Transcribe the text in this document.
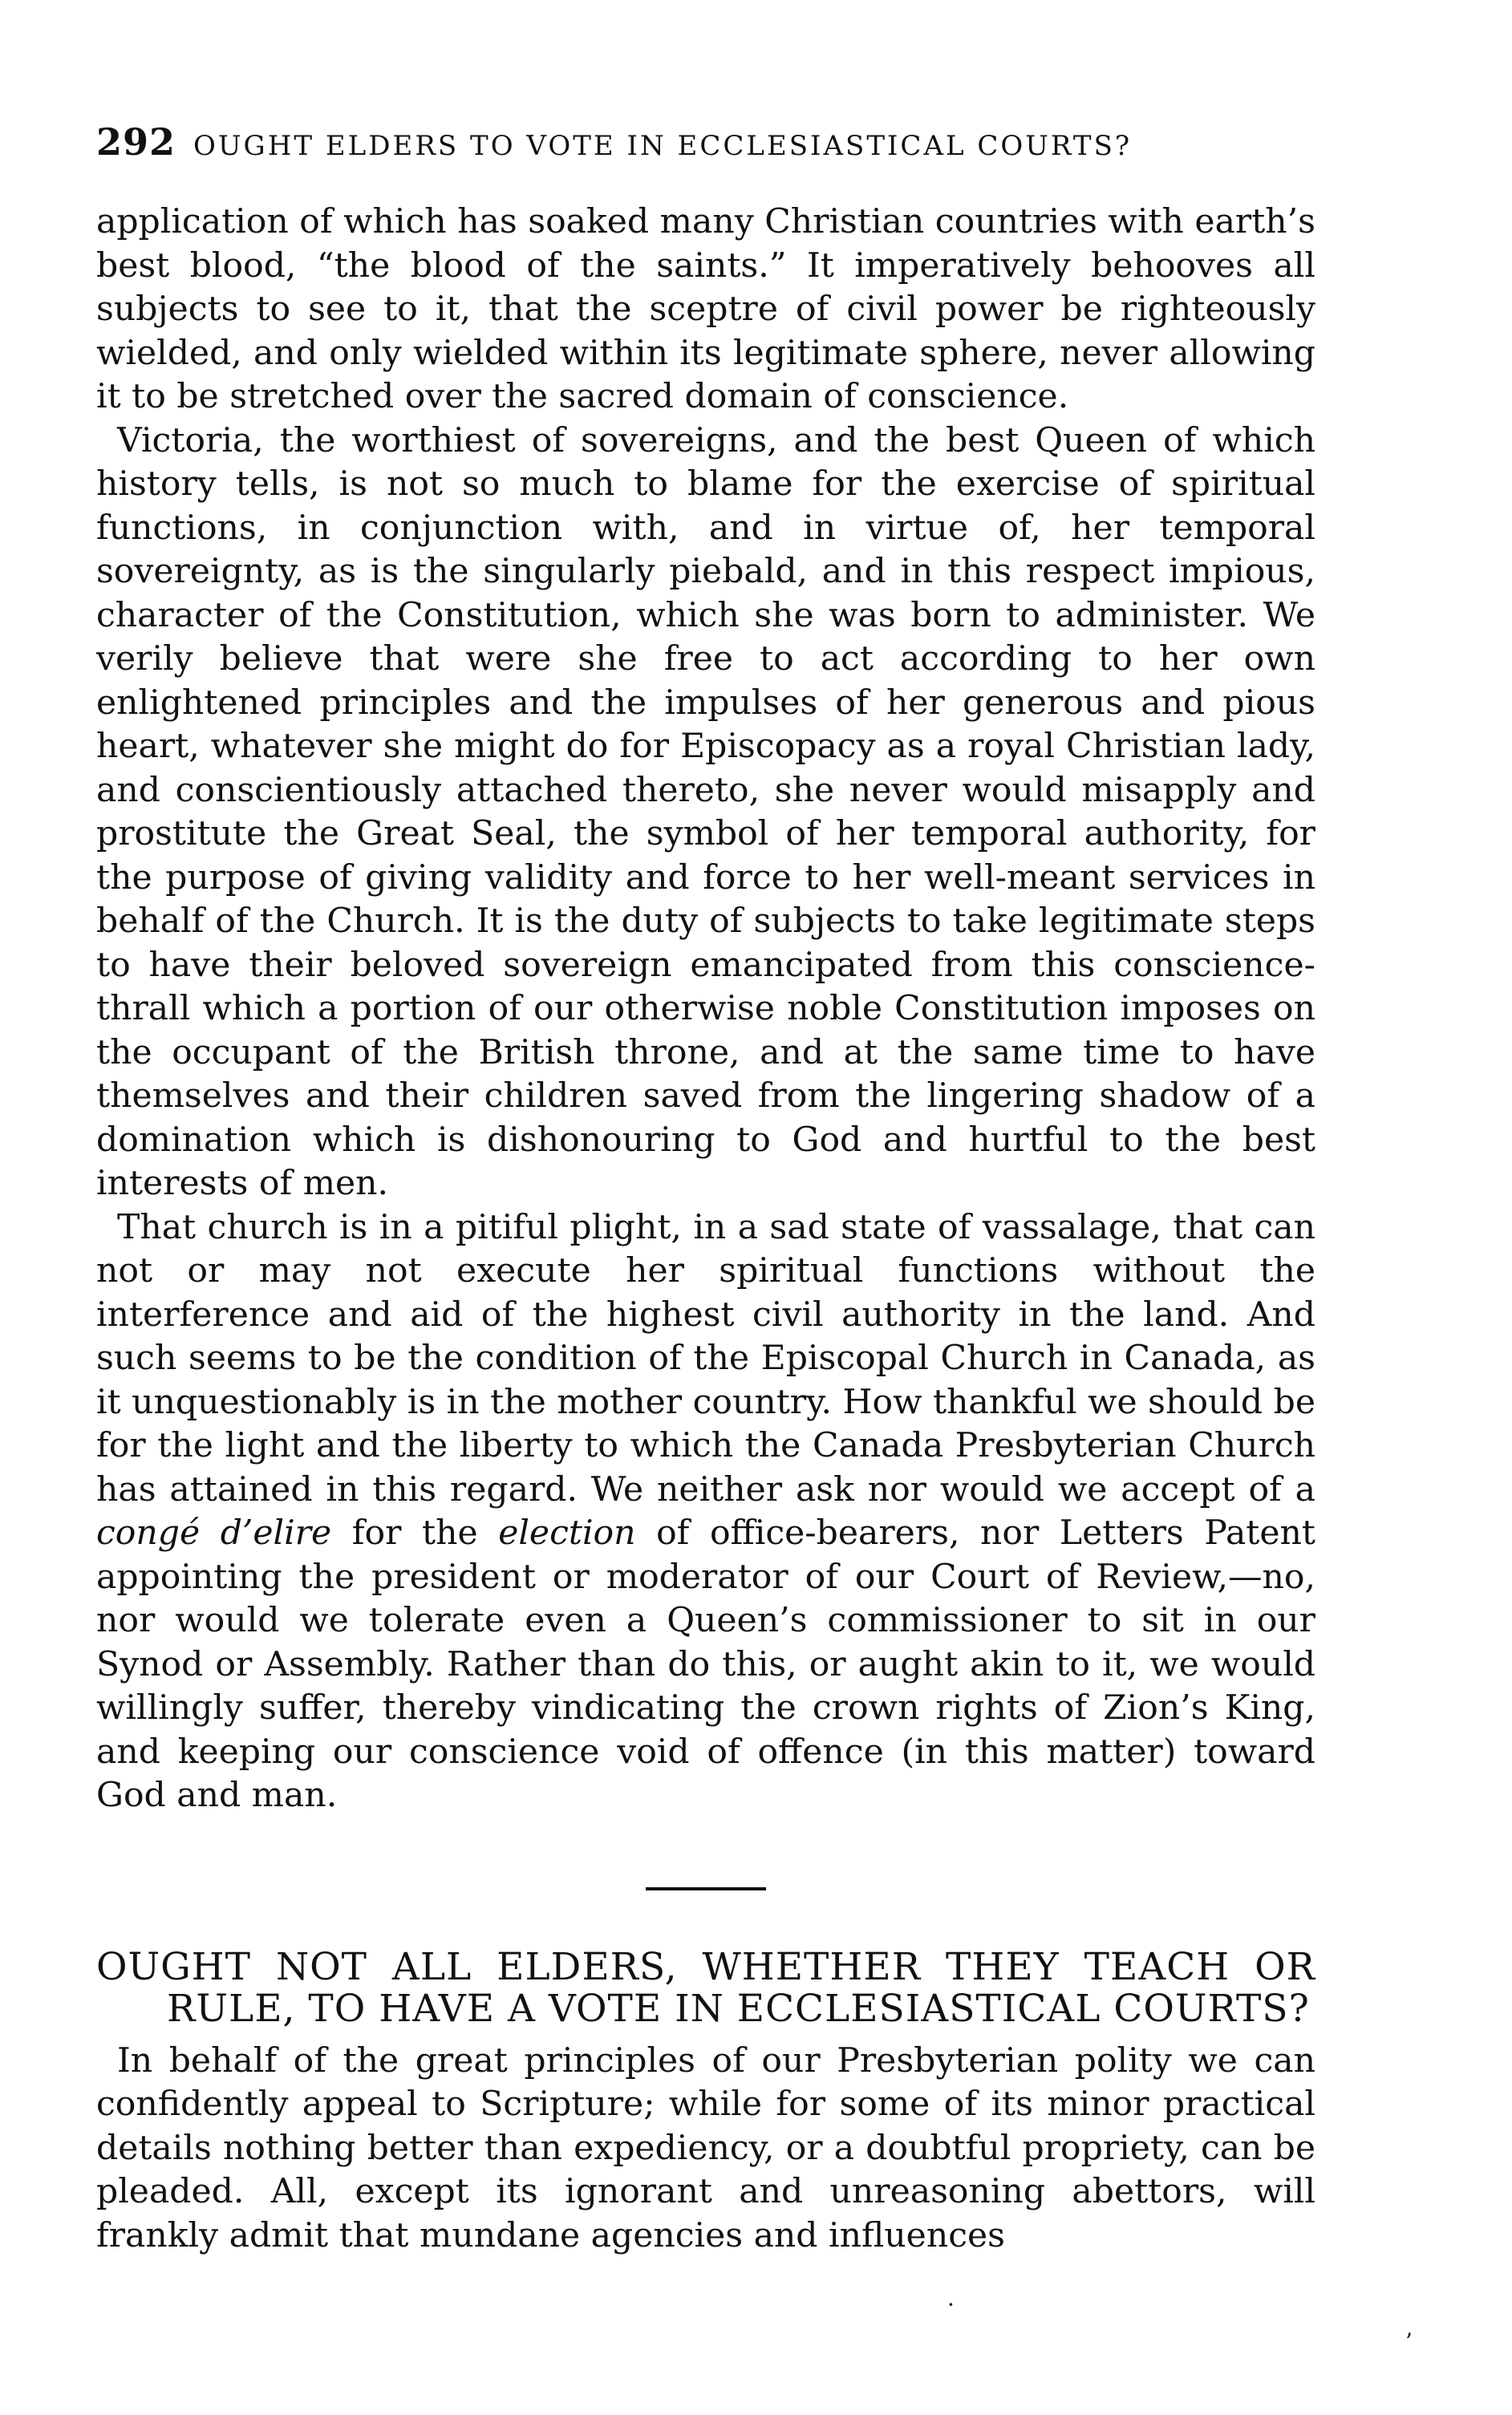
292 OUGHT ELDERS TO VOTE IN ECCLESIASTICAL COURTS?

application of which has soaked many Christian countries with earth’s best blood, “the blood of the saints.” It imperatively behooves all subjects to see to it, that the sceptre of civil power be righteously wielded, and only wielded within its legitimate sphere, never allowing it to be stretched over the sacred domain of conscience.

Victoria, the worthiest of sovereigns, and the best Queen of which history tells, is not so much to blame for the exercise of spiritual functions, in conjunction with, and in virtue of, her temporal sovereignty, as is the singularly piebald, and in this respect impious, character of the Constitution, which she was born to administer. We verily believe that were she free to act according to her own enlightened principles and the impulses of her generous and pious heart, whatever she might do for Episcopacy as a royal Christian lady, and conscientiously attached thereto, she never would misapply and prostitute the Great Seal, the symbol of her temporal authority, for the purpose of giving validity and force to her well-meant services in behalf of the Church. It is the duty of subjects to take legitimate steps to have their beloved sovereign emancipated from this conscience-thrall which a portion of our otherwise noble Constitution imposes on the occupant of the British throne, and at the same time to have themselves and their children saved from the lingering shadow of a domination which is dishonouring to God and hurtful to the best interests of men.

That church is in a pitiful plight, in a sad state of vassalage, that can not or may not execute her spiritual functions without the interference and aid of the highest civil authority in the land. And such seems to be the condition of the Episcopal Church in Canada, as it unquestionably is in the mother country. How thankful we should be for the light and the liberty to which the Canada Presbyterian Church has attained in this regard. We neither ask nor would we accept of a congé d’elire for the election of office-bearers, nor Letters Patent appointing the president or moderator of our Court of Review,—no, nor would we tolerate even a Queen’s commissioner to sit in our Synod or Assembly. Rather than do this, or aught akin to it, we would willingly suffer, thereby vindicating the crown rights of Zion’s King, and keeping our conscience void of offence (in this matter) toward God and man.

OUGHT NOT ALL ELDERS, WHETHER THEY TEACH OR RULE, TO HAVE A VOTE IN ECCLESIASTICAL COURTS?

In behalf of the great principles of our Presbyterian polity we can confidently appeal to Scripture; while for some of its minor practical details nothing better than expediency, or a doubtful propriety, can be pleaded. All, except its ignorant and unreasoning abettors, will frankly admit that mundane agencies and influences

·
’
